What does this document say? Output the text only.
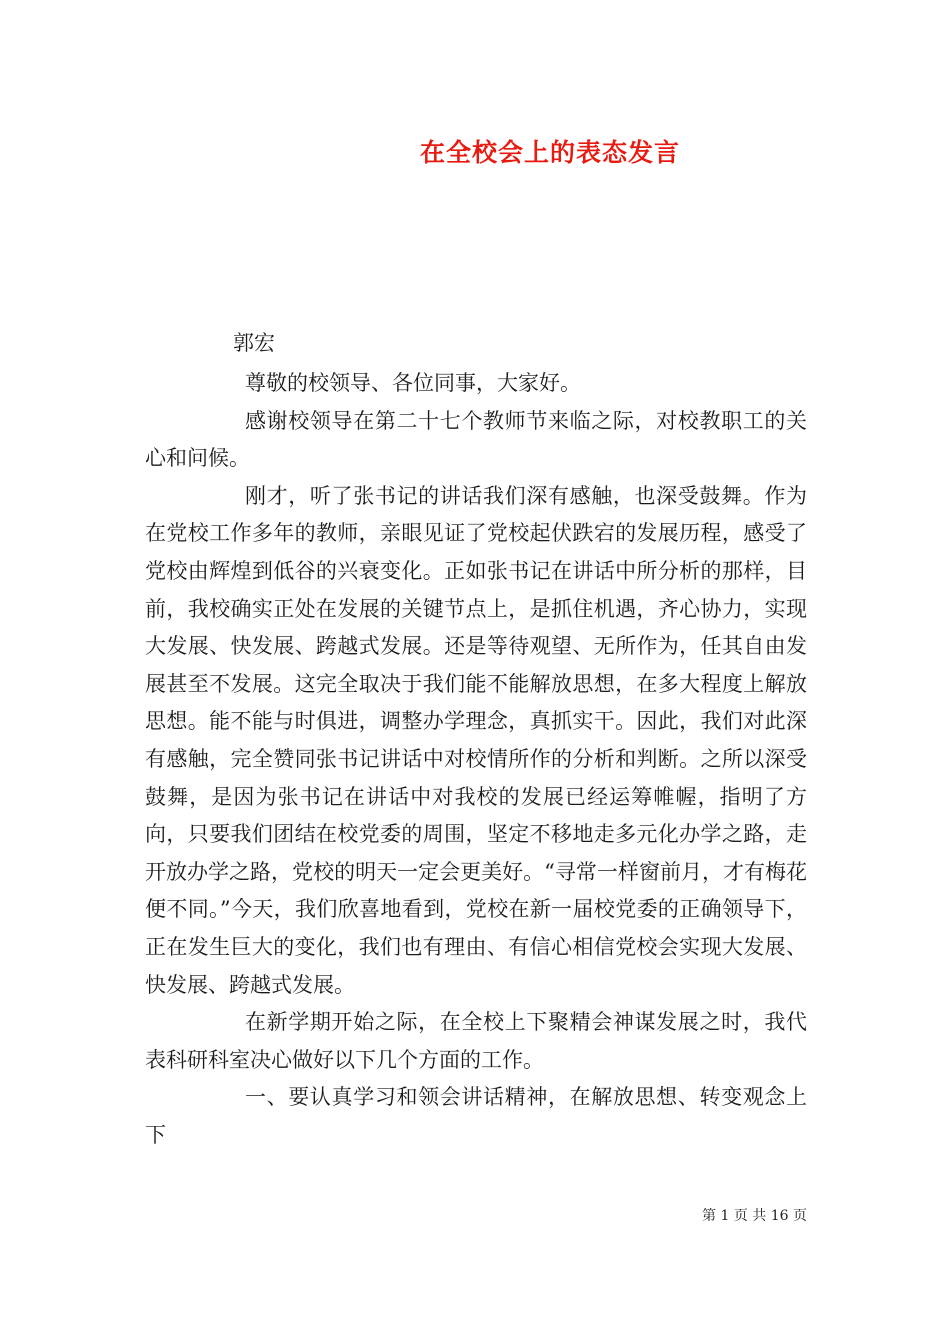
在全校会上的表态发言

郭宏

尊敬的校领导、各位同事，大家好。

感谢校领导在第二十七个教师节来临之际，对校教职工的关心和问候。

刚才，听了张书记的讲话我们深有感触，也深受鼓舞。作为在党校工作多年的教师，亲眼见证了党校起伏跌宕的发展历程，感受了党校由辉煌到低谷的兴衰变化。正如张书记在讲话中所分析的那样，目前，我校确实正处在发展的关键节点上，是抓住机遇，齐心协力，实现大发展、快发展、跨越式发展。还是等待观望、无所作为，任其自由发展甚至不发展。这完全取决于我们能不能解放思想，在多大程度上解放思想。能不能与时俱进，调整办学理念，真抓实干。因此，我们对此深有感触，完全赞同张书记讲话中对校情所作的分析和判断。之所以深受鼓舞，是因为张书记在讲话中对我校的发展已经运筹帷幄，指明了方向，只要我们团结在校党委的周围，坚定不移地走多元化办学之路，走开放办学之路，党校的明天一定会更美好。“寻常一样窗前月，才有梅花便不同。”今天，我们欣喜地看到，党校在新一届校党委的正确领导下，正在发生巨大的变化，我们也有理由、有信心相信党校会实现大发展、快发展、跨越式发展。

在新学期开始之际，在全校上下聚精会神谋发展之时，我代表科研科室决心做好以下几个方面的工作。

一、要认真学习和领会讲话精神，在解放思想、转变观念上下

第 1 页 共 16 页
